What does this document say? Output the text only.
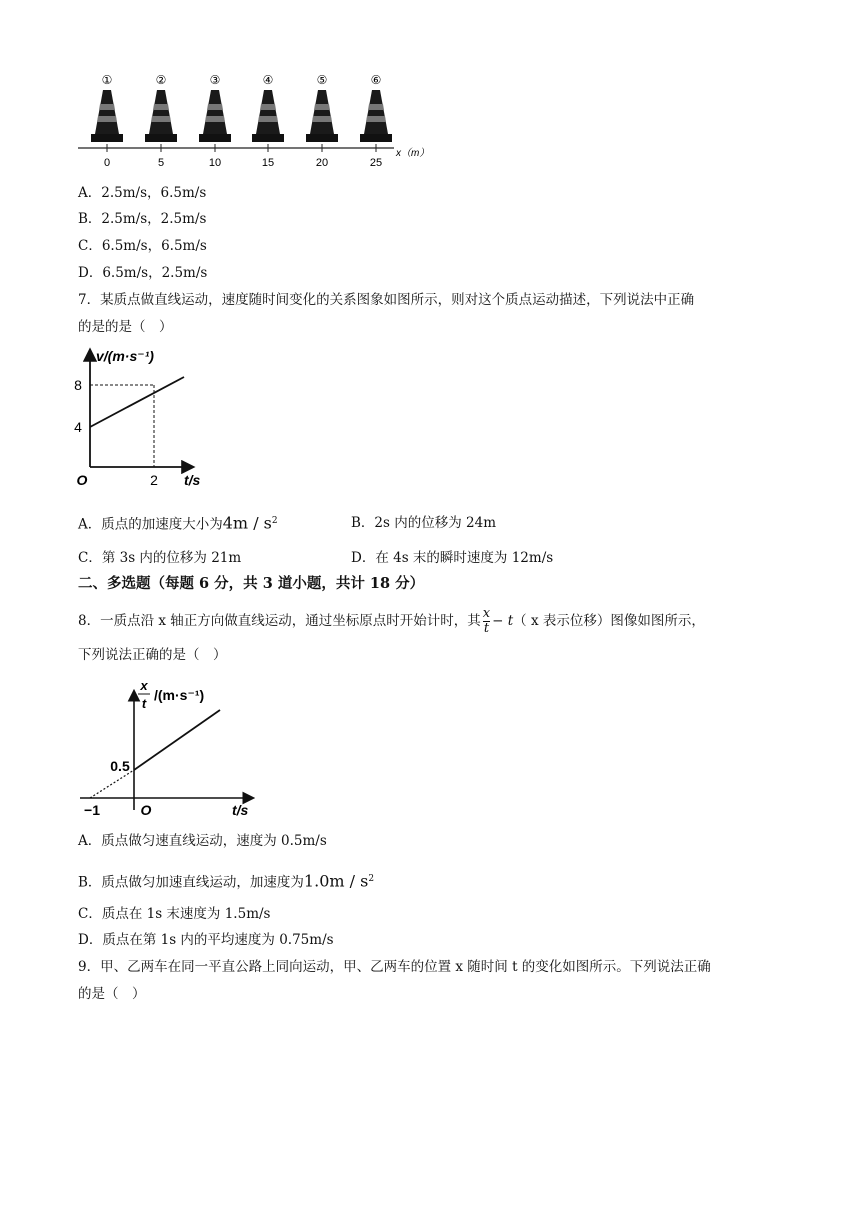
①
0
②
5
③
10
④
15
⑤
20
⑥
25
x（m）
A．2.5m/s，6.5m/s
B．2.5m/s，2.5m/s
C．6.5m/s，6.5m/s
D．6.5m/s，2.5m/s
7．某质点做直线运动，速度随时间变化的关系图象如图所示，则对这个质点运动描述，下列说法中正确
的是的是（　）
v/(m·s⁻¹)
8
4
O	2 t/s
A．质点的加速度大小为$4m / s^2$	B．2s 内的位移为 24m
C．第 3s 内的位移为 21m	D．在 4s 末的瞬时速度为 12m/s
二、多选题（每题 6 分，共 3 道小题，共计 18 分）
8．一质点沿 x 轴正方向做直线运动，通过坐标原点时开始计时，其 $\frac{x}{t} - t$（ x 表示位移）图像如图所示，
下列说法正确的是（　）
x
t
/(m·s⁻¹)
0.5
O
−1	t/s
A．质点做匀速直线运动，速度为 0.5m/s
B．质点做匀加速直线运动，加速度为$1.0m / s^2$
C．质点在 1s 末速度为 1.5m/s
D．质点在第 1s 内的平均速度为 0.75m/s
9．甲、乙两车在同一平直公路上同向运动，甲、乙两车的位置 x 随时间 t 的变化如图所示。下列说法正确
的是（　）
